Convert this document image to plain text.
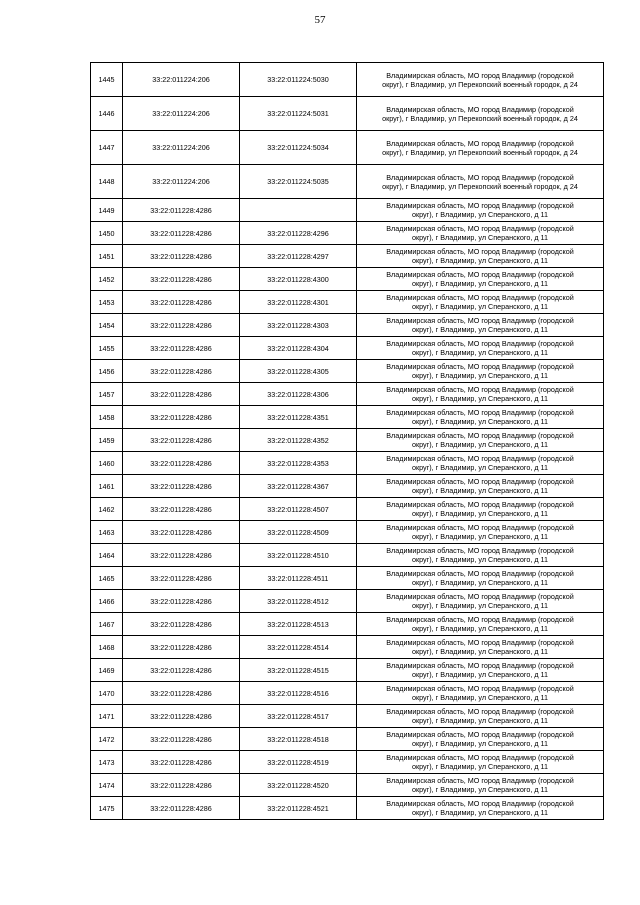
57
1445	33:22:011224:206	33:22:011224:5030	Владимирская область, МО город Владимир (городской
округ), г Владимир, ул Перекопский военный городок, д 24

1446	33:22:011224:206	33:22:011224:5031	Владимирская область, МО город Владимир (городской
округ), г Владимир, ул Перекопский военный городок, д 24

1447	33:22:011224:206	33:22:011224:5034	Владимирская область, МО город Владимир (городской
округ), г Владимир, ул Перекопский военный городок, д 24

1448	33:22:011224:206	33:22:011224:5035	Владимирская область, МО город Владимир (городской
округ), г Владимир, ул Перекопский военный городок, д 24

1449	33:22:011228:4286		Владимирская область, МО город Владимир (городской
округ), г Владимир, ул Сперанского, д 11

1450	33:22:011228:4286	33:22:011228:4296	Владимирская область, МО город Владимир (городской
округ), г Владимир, ул Сперанского, д 11

1451	33:22:011228:4286	33:22:011228:4297	Владимирская область, МО город Владимир (городской
округ), г Владимир, ул Сперанского, д 11

1452	33:22:011228:4286	33:22:011228:4300	Владимирская область, МО город Владимир (городской
округ), г Владимир, ул Сперанского, д 11

1453	33:22:011228:4286	33:22:011228:4301	Владимирская область, МО город Владимир (городской
округ), г Владимир, ул Сперанского, д 11

1454	33:22:011228:4286	33:22:011228:4303	Владимирская область, МО город Владимир (городской
округ), г Владимир, ул Сперанского, д 11

1455	33:22:011228:4286	33:22:011228:4304	Владимирская область, МО город Владимир (городской
округ), г Владимир, ул Сперанского, д 11

1456	33:22:011228:4286	33:22:011228:4305	Владимирская область, МО город Владимир (городской
округ), г Владимир, ул Сперанского, д 11

1457	33:22:011228:4286	33:22:011228:4306	Владимирская область, МО город Владимир (городской
округ), г Владимир, ул Сперанского, д 11

1458	33:22:011228:4286	33:22:011228:4351	Владимирская область, МО город Владимир (городской
округ), г Владимир, ул Сперанского, д 11

1459	33:22:011228:4286	33:22:011228:4352	Владимирская область, МО город Владимир (городской
округ), г Владимир, ул Сперанского, д 11

1460	33:22:011228:4286	33:22:011228:4353	Владимирская область, МО город Владимир (городской
округ), г Владимир, ул Сперанского, д 11

1461	33:22:011228:4286	33:22:011228:4367	Владимирская область, МО город Владимир (городской
округ), г Владимир, ул Сперанского, д 11

1462	33:22:011228:4286	33:22:011228:4507	Владимирская область, МО город Владимир (городской
округ), г Владимир, ул Сперанского, д 11

1463	33:22:011228:4286	33:22:011228:4509	Владимирская область, МО город Владимир (городской
округ), г Владимир, ул Сперанского, д 11

1464	33:22:011228:4286	33:22:011228:4510	Владимирская область, МО город Владимир (городской
округ), г Владимир, ул Сперанского, д 11

1465	33:22:011228:4286	33:22:011228:4511	Владимирская область, МО город Владимир (городской
округ), г Владимир, ул Сперанского, д 11

1466	33:22:011228:4286	33:22:011228:4512	Владимирская область, МО город Владимир (городской
округ), г Владимир, ул Сперанского, д 11

1467	33:22:011228:4286	33:22:011228:4513	Владимирская область, МО город Владимир (городской
округ), г Владимир, ул Сперанского, д 11

1468	33:22:011228:4286	33:22:011228:4514	Владимирская область, МО город Владимир (городской
округ), г Владимир, ул Сперанского, д 11

1469	33:22:011228:4286	33:22:011228:4515	Владимирская область, МО город Владимир (городской
округ), г Владимир, ул Сперанского, д 11

1470	33:22:011228:4286	33:22:011228:4516	Владимирская область, МО город Владимир (городской
округ), г Владимир, ул Сперанского, д 11

1471	33:22:011228:4286	33:22:011228:4517	Владимирская область, МО город Владимир (городской
округ), г Владимир, ул Сперанского, д 11

1472	33:22:011228:4286	33:22:011228:4518	Владимирская область, МО город Владимир (городской
округ), г Владимир, ул Сперанского, д 11

1473	33:22:011228:4286	33:22:011228:4519	Владимирская область, МО город Владимир (городской
округ), г Владимир, ул Сперанского, д 11

1474	33:22:011228:4286	33:22:011228:4520	Владимирская область, МО город Владимир (городской
округ), г Владимир, ул Сперанского, д 11

1475	33:22:011228:4286	33:22:011228:4521	Владимирская область, МО город Владимир (городской
округ), г Владимир, ул Сперанского, д 11
